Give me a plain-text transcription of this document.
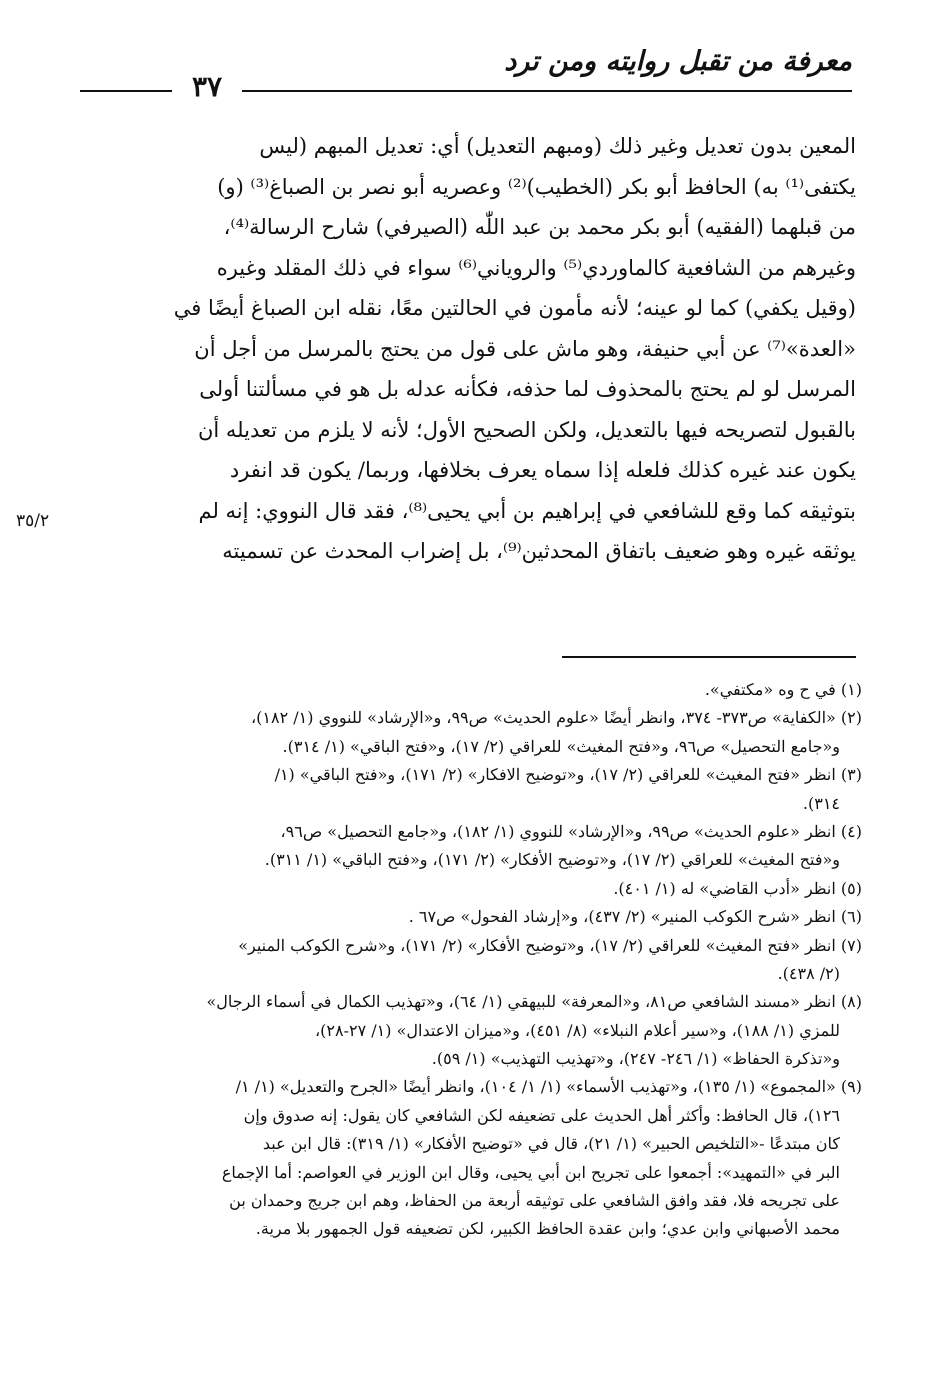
معرفة من تقبل روايته ومن ترد
٣٧
٣٥/٢
المعين بدون تعديل وغير ذلك (ومبهم التعديل) أي: تعديل المبهم (ليس
يكتفى⁽¹⁾ به) الحافظ أبو بكر (الخطيب)⁽²⁾ وعصريه أبو نصر بن الصباغ⁽³⁾ (و)
من قبلهما (الفقيه) أبو بكر محمد بن عبد اللّٰه (الصيرفي) شارح الرسالة⁽⁴⁾،
وغيرهم من الشافعية كالماوردي⁽⁵⁾ والروياني⁽⁶⁾ سواء في ذلك المقلد وغيره
(وقيل يكفي) كما لو عينه؛ لأنه مأمون في الحالتين معًا، نقله ابن الصباغ أيضًا في
«العدة»⁽⁷⁾ عن أبي حنيفة، وهو ماش على قول من يحتج بالمرسل من أجل أن
المرسل لو لم يحتج بالمحذوف لما حذفه، فكأنه عدله بل هو في مسألتنا أولى
بالقبول لتصريحه فيها بالتعديل، ولكن الصحيح الأول؛ لأنه لا يلزم من تعديله أن
يكون عند غيره كذلك فلعله إذا سماه يعرف بخلافها، وربما/ يكون قد انفرد
بتوثيقه كما وقع للشافعي في إبراهيم بن أبي يحيى⁽⁸⁾، فقد قال النووي: إنه لم
يوثقه غيره وهو ضعيف باتفاق المحدثين⁽⁹⁾، بل إضراب المحدث عن تسميته
(١) في ح وه «مكتفي».
(٢) «الكفاية» ص٣٧٣- ٣٧٤، وانظر أيضًا «علوم الحديث» ص٩٩، و«الإرشاد» للنووي (١/ ١٨٢)،
و«جامع التحصيل» ص٩٦، و«فتح المغيث» للعراقي (٢/ ١٧)، و«فتح الباقي» (١/ ٣١٤).
(٣) انظر «فتح المغيث» للعراقي (٢/ ١٧)، و«توضيح الافكار» (٢/ ١٧١)، و«فتح الباقي» (١/
٣١٤).
(٤) انظر «علوم الحديث» ص٩٩، و«الإرشاد» للنووي (١/ ١٨٢)، و«جامع التحصيل» ص٩٦،
و«فتح المغيث» للعراقي (٢/ ١٧)، و«توضيح الأفكار» (٢/ ١٧١)، و«فتح الباقي» (١/ ٣١١).
(٥) انظر «أدب القاضي» له (١/ ٤٠١).
(٦) انظر «شرح الكوكب المنير» (٢/ ٤٣٧)، و«إرشاد الفحول» ص٦٧ .
(٧) انظر «فتح المغيث» للعراقي (٢/ ١٧)، و«توضيح الأفكار» (٢/ ١٧١)، و«شرح الكوكب المنير»
(٢/ ٤٣٨).
(٨) انظر «مسند الشافعي ص٨١، و«المعرفة» للبيهقي (١/ ٦٤)، و«تهذيب الكمال في أسماء الرجال»
للمزي (١/ ١٨٨)، و«سير أعلام النبلاء» (٨/ ٤٥١)، و«ميزان الاعتدال» (١/ ٢٧-٢٨)،
و«تذكرة الحفاظ» (١/ ٢٤٦- ٢٤٧)، و«تهذيب التهذيب» (١/ ٥٩).
(٩) «المجموع» (١/ ١٣٥)، و«تهذيب الأسماء» (١/ ١/ ١٠٤)، وانظر أيضًا «الجرح والتعديل» (١/ ١/
١٢٦)، قال الحافظ: وأكثر أهل الحديث على تضعيفه لكن الشافعي كان يقول: إنه صدوق وإن
كان مبتدعًا -«التلخيص الحبير» (١/ ٢١)، قال في «توضيح الأفكار» (١/ ٣١٩): قال ابن عبد
البر في «التمهيد»: أجمعوا على تجريح ابن أبي يحيى، وقال ابن الوزير في العواصم: أما الإجماع
على تجريحه فلا، فقد وافق الشافعي على توثيقه أربعة من الحفاظ، وهم ابن جريج وحمدان بن
محمد الأصبهاني وابن عدي؛ وابن عقدة الحافظ الكبير، لكن تضعيفه قول الجمهور بلا مرية.
